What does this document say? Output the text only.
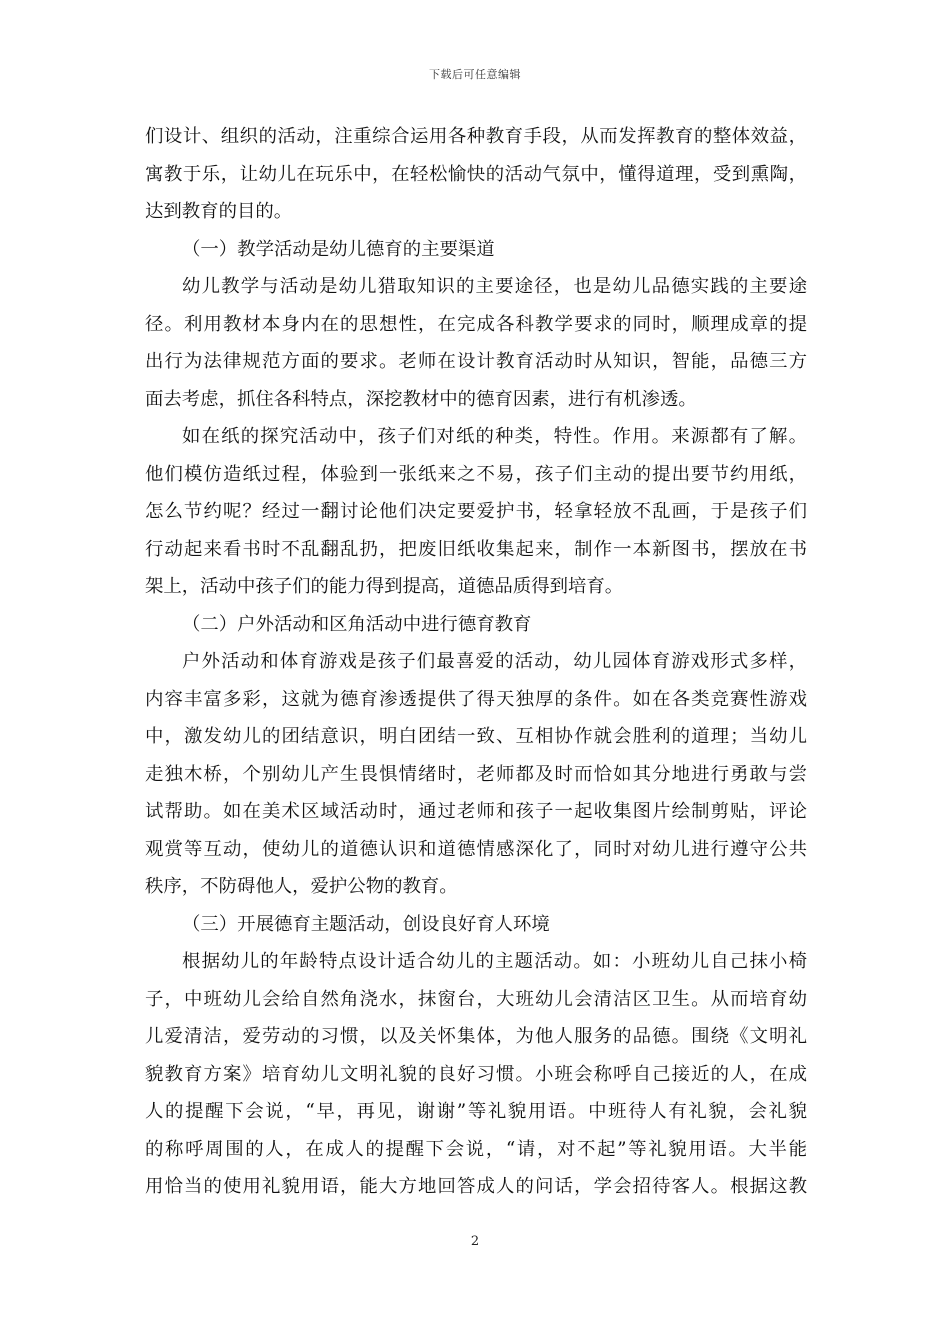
下载后可任意编辑
们设计、组织的活动，注重综合运用各种教育手段，从而发挥教育的整体效益，
寓教于乐，让幼儿在玩乐中，在轻松愉快的活动气氛中，懂得道理，受到熏陶，
达到教育的目的。
（一）教学活动是幼儿德育的主要渠道
幼儿教学与活动是幼儿猎取知识的主要途径，也是幼儿品德实践的主要途
径。利用教材本身内在的思想性，在完成各科教学要求的同时，顺理成章的提
出行为法律规范方面的要求。老师在设计教育活动时从知识，智能，品德三方
面去考虑，抓住各科特点，深挖教材中的德育因素，进行有机渗透。
如在纸的探究活动中，孩子们对纸的种类，特性。作用。来源都有了解。
他们模仿造纸过程，体验到一张纸来之不易，孩子们主动的提出要节约用纸，
怎么节约呢？经过一翻讨论他们决定要爱护书，轻拿轻放不乱画，于是孩子们
行动起来看书时不乱翻乱扔，把废旧纸收集起来，制作一本新图书，摆放在书
架上，活动中孩子们的能力得到提高，道德品质得到培育。
（二）户外活动和区角活动中进行德育教育
户外活动和体育游戏是孩子们最喜爱的活动，幼儿园体育游戏形式多样，
内容丰富多彩，这就为德育渗透提供了得天独厚的条件。如在各类竞赛性游戏
中，激发幼儿的团结意识，明白团结一致、互相协作就会胜利的道理；当幼儿
走独木桥，个别幼儿产生畏惧情绪时，老师都及时而恰如其分地进行勇敢与尝
试帮助。如在美术区域活动时，通过老师和孩子一起收集图片绘制剪贴，评论
观赏等互动，使幼儿的道德认识和道德情感深化了，同时对幼儿进行遵守公共
秩序，不防碍他人，爱护公物的教育。
（三）开展德育主题活动，创设良好育人环境
根据幼儿的年龄特点设计适合幼儿的主题活动。如：小班幼儿自己抹小椅
子，中班幼儿会给自然角浇水，抹窗台，大班幼儿会清洁区卫生。从而培育幼
儿爱清洁，爱劳动的习惯，以及关怀集体，为他人服务的品德。围绕《文明礼
貌教育方案》培育幼儿文明礼貌的良好习惯。小班会称呼自己接近的人，在成
人的提醒下会说，“早，再见，谢谢”等礼貌用语。中班待人有礼貌，会礼貌
的称呼周围的人，在成人的提醒下会说，“请，对不起”等礼貌用语。大半能
用恰当的使用礼貌用语，能大方地回答成人的问话，学会招待客人。根据这教
2
